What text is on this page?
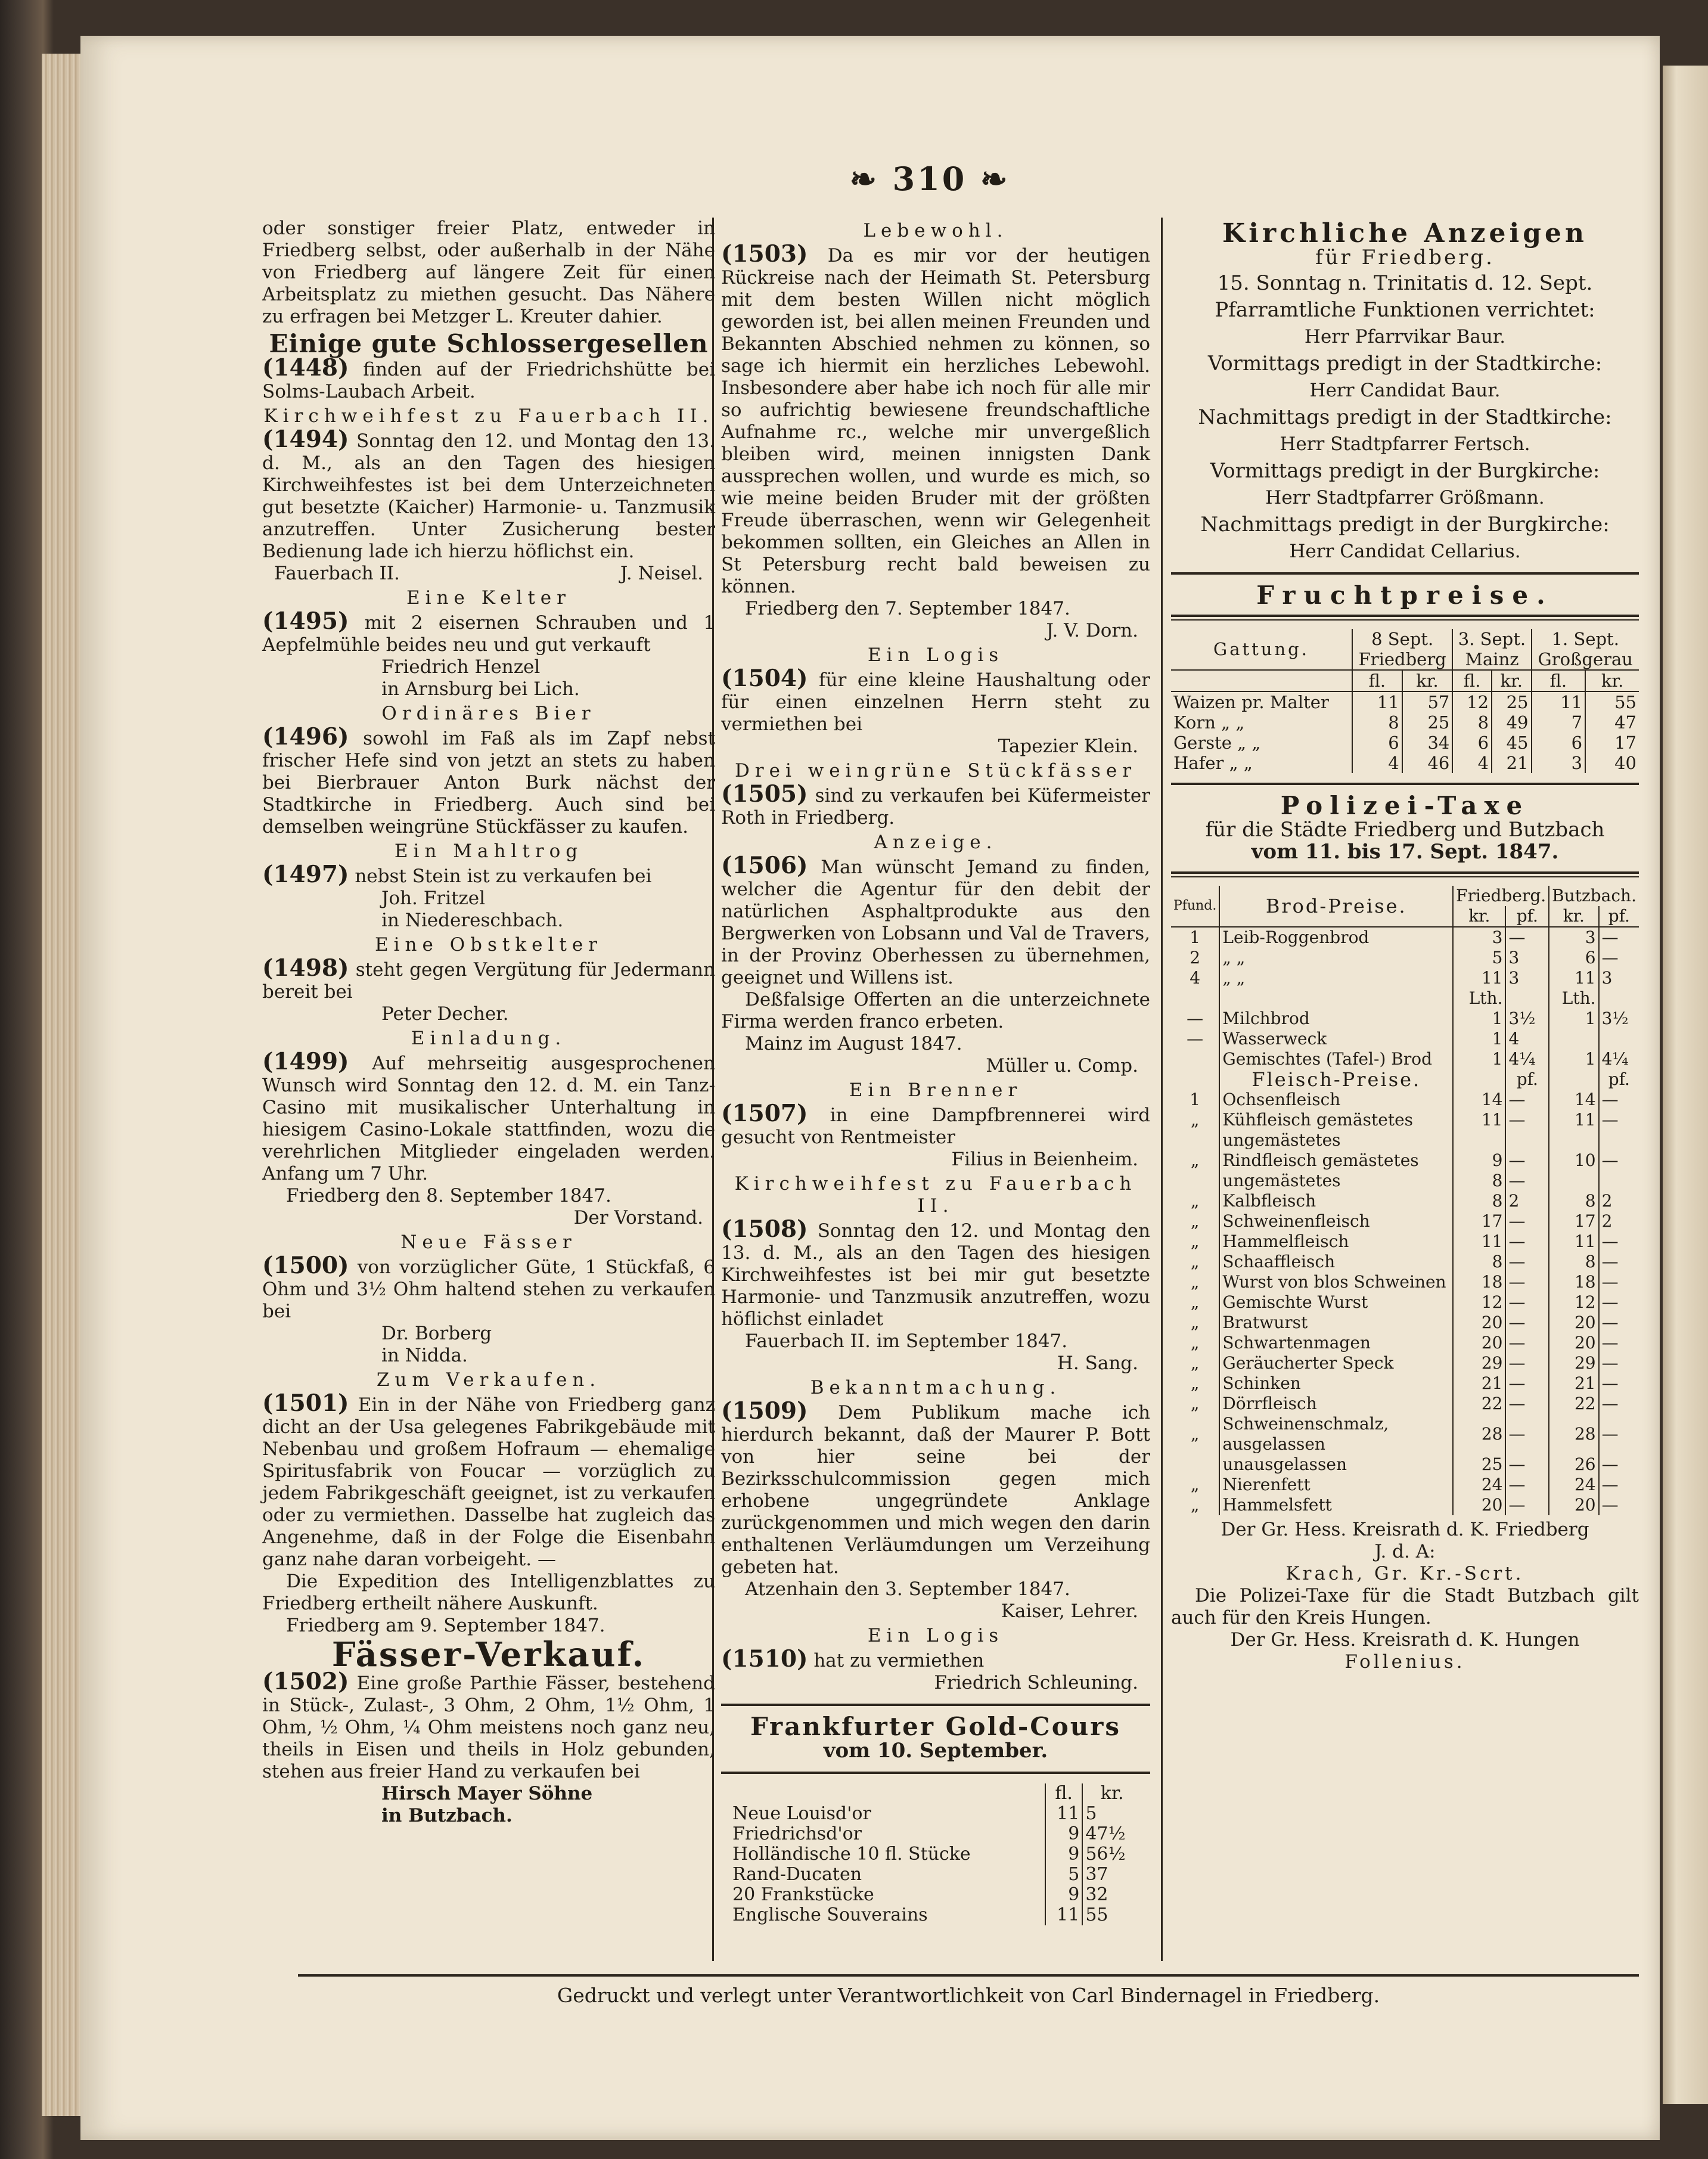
❧ 310 ❧

oder sonstiger freier Platz, entweder in Friedberg selbst, oder außerhalb in der Nähe von Friedberg auf längere Zeit für einen Arbeitsplatz zu miethen gesucht. Das Nähere zu erfragen bei Metzger L. Kreuter dahier.

Einige gute Schlossergesellen

(1448) finden auf der Friedrichshütte bei Solms-Laubach Arbeit.

Kirchweihfest zu Fauerbach II.

(1494) Sonntag den 12. und Montag den 13. d. M., als an den Tagen des hiesigen Kirchweihfestes ist bei dem Unterzeichneten gut besetzte (Kaicher) Harmonie- u. Tanzmusik anzutreffen. Unter Zusicherung bester Bedienung lade ich hierzu höflichst ein.

Fauerbach II.	J. Neisel.
Eine Kelter

(1495) mit 2 eisernen Schrauben und 1 Aepfelmühle beides neu und gut verkauft

Friedrich Henzel
in Arnsburg bei Lich.
Ordinäres Bier

(1496) sowohl im Faß als im Zapf nebst frischer Hefe sind von jetzt an stets zu haben bei Bierbrauer Anton Burk nächst der Stadtkirche in Friedberg. Auch sind bei demselben weingrüne Stückfässer zu kaufen.

Ein Mahltrog

(1497) nebst Stein ist zu verkaufen bei

Joh. Fritzel
in Niedereschbach.
Eine Obstkelter

(1498) steht gegen Vergütung für Jedermann bereit bei

Peter Decher.
Einladung.

(1499) Auf mehrseitig ausgesprochenen Wunsch wird Sonntag den 12. d. M. ein Tanz-Casino mit musikalischer Unterhaltung in hiesigem Casino-Lokale stattfinden, wozu die verehrlichen Mitglieder eingeladen werden. Anfang um 7 Uhr.

Friedberg den 8. September 1847.
Der Vorstand.
Neue Fässer

(1500) von vorzüglicher Güte, 1 Stückfaß, 6 Ohm und 3½ Ohm haltend stehen zu verkaufen bei

Dr. Borberg
in Nidda.
Zum Verkaufen.

(1501) Ein in der Nähe von Friedberg ganz dicht an der Usa gelegenes Fabrikgebäude mit Nebenbau und großem Hofraum — ehemalige Spiritusfabrik von Foucar — vorzüglich zu jedem Fabrikgeschäft geeignet, ist zu verkaufen oder zu vermiethen. Dasselbe hat zugleich das Angenehme, daß in der Folge die Eisenbahn ganz nahe daran vorbeigeht. —

Die Expedition des Intelligenzblattes zu Friedberg ertheilt nähere Auskunft.

Friedberg am 9. September 1847.
Fässer-Verkauf.

(1502) Eine große Parthie Fässer, bestehend in Stück-, Zulast-, 3 Ohm, 2 Ohm, 1½ Ohm, 1 Ohm, ½ Ohm, ¼ Ohm meistens noch ganz neu, theils in Eisen und theils in Holz gebunden, stehen aus freier Hand zu verkaufen bei

Hirsch Mayer Söhne
in Butzbach.
Lebewohl.

(1503) Da es mir vor der heutigen Rückreise nach der Heimath St. Petersburg mit dem besten Willen nicht möglich geworden ist, bei allen meinen Freunden und Bekannten Abschied nehmen zu können, so sage ich hiermit ein herzliches Lebewohl. Insbesondere aber habe ich noch für alle mir so aufrichtig bewiesene freundschaftliche Aufnahme rc., welche mir unvergeßlich bleiben wird, meinen innigsten Dank aussprechen wollen, und wurde es mich, so wie meine beiden Bruder mit der größten Freude überraschen, wenn wir Gelegenheit bekommen sollten, ein Gleiches an Allen in St Petersburg recht bald beweisen zu können.

Friedberg den 7. September 1847.
J. V. Dorn.
Ein Logis

(1504) für eine kleine Haushaltung oder für einen einzelnen Herrn steht zu vermiethen bei

Tapezier Klein.
Drei weingrüne Stückfässer

(1505) sind zu verkaufen bei Küfermeister Roth in Friedberg.

Anzeige.

(1506) Man wünscht Jemand zu finden, welcher die Agentur für den debit der natürlichen Asphaltprodukte aus den Bergwerken von Lobsann und Val de Travers, in der Provinz Oberhessen zu übernehmen, geeignet und Willens ist.

Deßfalsige Offerten an die unterzeichnete Firma werden franco erbeten.

Mainz im August 1847.
Müller u. Comp.
Ein Brenner

(1507) in eine Dampfbrennerei wird gesucht von Rentmeister

Filius in Beienheim.
Kirchweihfest zu Fauerbach II.

(1508) Sonntag den 12. und Montag den 13. d. M., als an den Tagen des hiesigen Kirchweihfestes ist bei mir gut besetzte Harmonie- und Tanzmusik anzutreffen, wozu höflichst einladet

Fauerbach II. im September 1847.
H. Sang.
Bekanntmachung.

(1509) Dem Publikum mache ich hierdurch bekannt, daß der Maurer P. Bott von hier seine bei der Bezirksschulcommission gegen mich erhobene ungegründete Anklage zurückgenommen und mich wegen den darin enthaltenen Verläumdungen um Verzeihung gebeten hat.

Atzenhain den 3. September 1847.
Kaiser, Lehrer.
Ein Logis

(1510) hat zu vermiethen

Friedrich Schleuning.
Frankfurter Gold-Cours
vom 10. September.
	fl.	kr.
Neue Louisd'or	11	5
Friedrichsd'or	9	47½
Holländische 10 fl. Stücke	9	56½
Rand-Ducaten	5	37
20 Frankstücke	9	32
Englische Souverains	11	55
Kirchliche Anzeigen
für Friedberg.
15. Sonntag n. Trinitatis d. 12. Sept.
Pfarramtliche Funktionen verrichtet:
Herr Pfarrvikar Baur.
Vormittags predigt in der Stadtkirche:
Herr Candidat Baur.
Nachmittags predigt in der Stadtkirche:
Herr Stadtpfarrer Fertsch.
Vormittags predigt in der Burgkirche:
Herr Stadtpfarrer Größmann.
Nachmittags predigt in der Burgkirche:
Herr Candidat Cellarius.
Fruchtpreise.
Gattung.	8 Sept.		3. Sept.		1. Sept.	
	Friedberg		Mainz		Großgerau	
	fl.	kr.	fl.	kr.	fl.	kr.
Waizen pr. Malter	11	57	12	25	11	55
Korn „ „	8	25	8	49	7	47
Gerste „ „	6	34	6	45	6	17
Hafer „ „	4	46	4	21	3	40
Polizei-Taxe
für die Städte Friedberg und Butzbach
vom 11. bis 17. Sept. 1847.
Pfund.	Brod-Preise.	Friedberg.		Butzbach.	
		kr.	pf.	kr.	pf.
1	Leib-Roggenbrod	3	—	3	—
2	„ „	5	3	6	—
4	„ „	11	3	11	3
		Lth.		Lth.	
—	Milchbrod	1	3½	1	3½
—	Wasserweck	1	4		
	Gemischtes (Tafel-) Brod	1	4¼	1	4¼
	Fleisch-Preise.		pf.		pf.
1	Ochsenfleisch	14	—	14	—
„	Kühfleisch gemästetes	11	—	11	—
	ungemästetes				
„	Rindfleisch gemästetes	9	—	10	—
	ungemästetes	8	—		
„	Kalbfleisch	8	2	8	2
„	Schweinenfleisch	17	—	17	2
„	Hammelfleisch	11	—	11	—
„	Schaaffleisch	8	—	8	—
„	Wurst von blos Schweinen	18	—	18	—
„	Gemischte Wurst	12	—	12	—
„	Bratwurst	20	—	20	—
„	Schwartenmagen	20	—	20	—
„	Geräucherter Speck	29	—	29	—
„	Schinken	21	—	21	—
„	Dörrfleisch	22	—	22	—
„	Schweinenschmalz, ausgelassen	28	—	28	—
	unausgelassen	25	—	26	—
„	Nierenfett	24	—	24	—
„	Hammelsfett	20	—	20	—
Der Gr. Hess. Kreisrath d. K. Friedberg
J. d. A:
Krach, Gr. Kr.-Scrt.

Die Polizei-Taxe für die Stadt Butzbach gilt auch für den Kreis Hungen.

Der Gr. Hess. Kreisrath d. K. Hungen
Follenius.
Gedruckt und verlegt unter Verantwortlichkeit von Carl Bindernagel in Friedberg.
